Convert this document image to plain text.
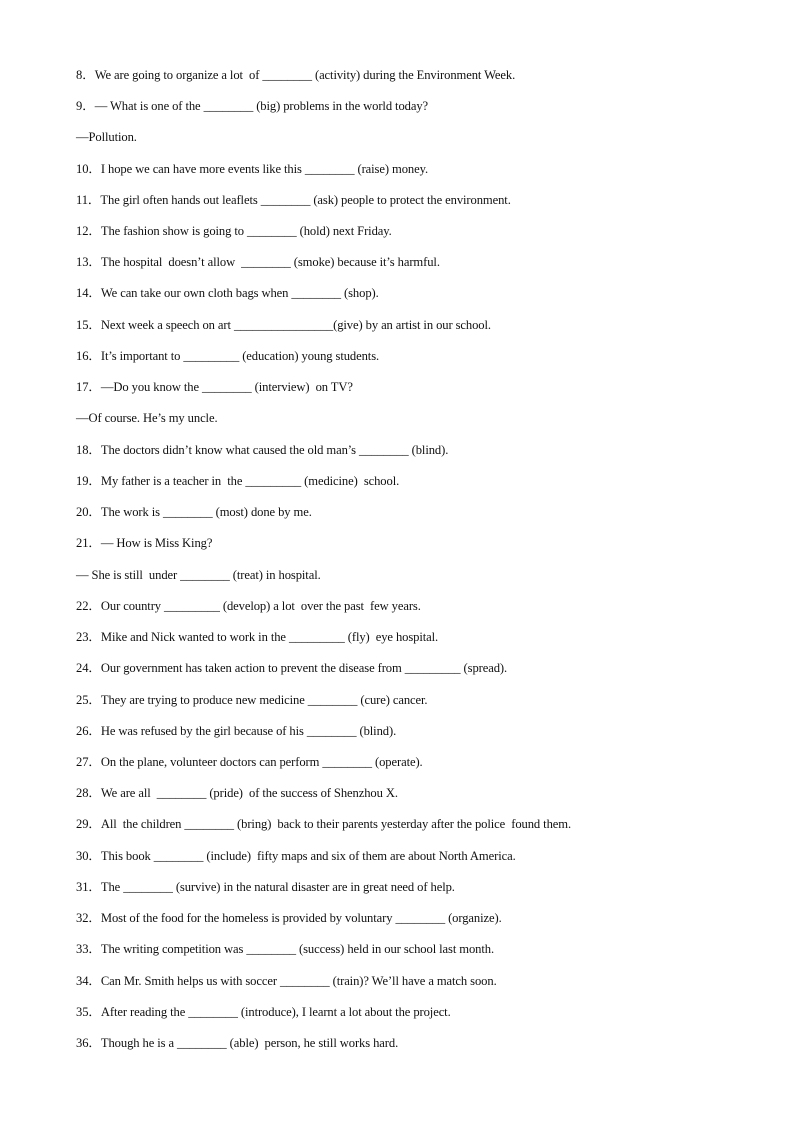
8．We are going to organize a lot  of ________ (activity) during the Environment Week.
9．— What is one of the ________ (big) problems in the world today?
—Pollution.
10．I hope we can have more events like this ________ (raise) money.
11．The girl often hands out leaflets ________ (ask) people to protect the environment.
12．The fashion show is going to ________ (hold) next Friday.
13．The hospital  doesn’t allow  ________ (smoke) because it’s harmful.
14．We can take our own cloth bags when ________ (shop).
15．Next week a speech on art ________________(give) by an artist in our school.
16．It’s important to _________ (education) young students.
17．—Do you know the ________ (interview)  on TV?
—Of course. He’s my uncle.
18．The doctors didn’t know what caused the old man’s ________ (blind).
19．My father is a teacher in  the _________ (medicine)  school.
20．The work is ________ (most) done by me.
21．— How is Miss King?
— She is still  under ________ (treat) in hospital.
22．Our country _________ (develop) a lot  over the past  few years.
23．Mike and Nick wanted to work in the _________ (fly)  eye hospital.
24．Our government has taken action to prevent the disease from _________ (spread).
25．They are trying to produce new medicine ________ (cure) cancer.
26．He was refused by the girl because of his ________ (blind).
27．On the plane, volunteer doctors can perform ________ (operate).
28．We are all  ________ (pride)  of the success of Shenzhou X.
29．All  the children ________ (bring)  back to their parents yesterday after the police  found them.
30．This book ________ (include)  fifty maps and six of them are about North America.
31．The ________ (survive) in the natural disaster are in great need of help.
32．Most of the food for the homeless is provided by voluntary ________ (organize).
33．The writing competition was ________ (success) held in our school last month.
34．Can Mr. Smith helps us with soccer ________ (train)? We’ll have a match soon.
35．After reading the ________ (introduce), I learnt a lot about the project.
36．Though he is a ________ (able)  person, he still works hard.
